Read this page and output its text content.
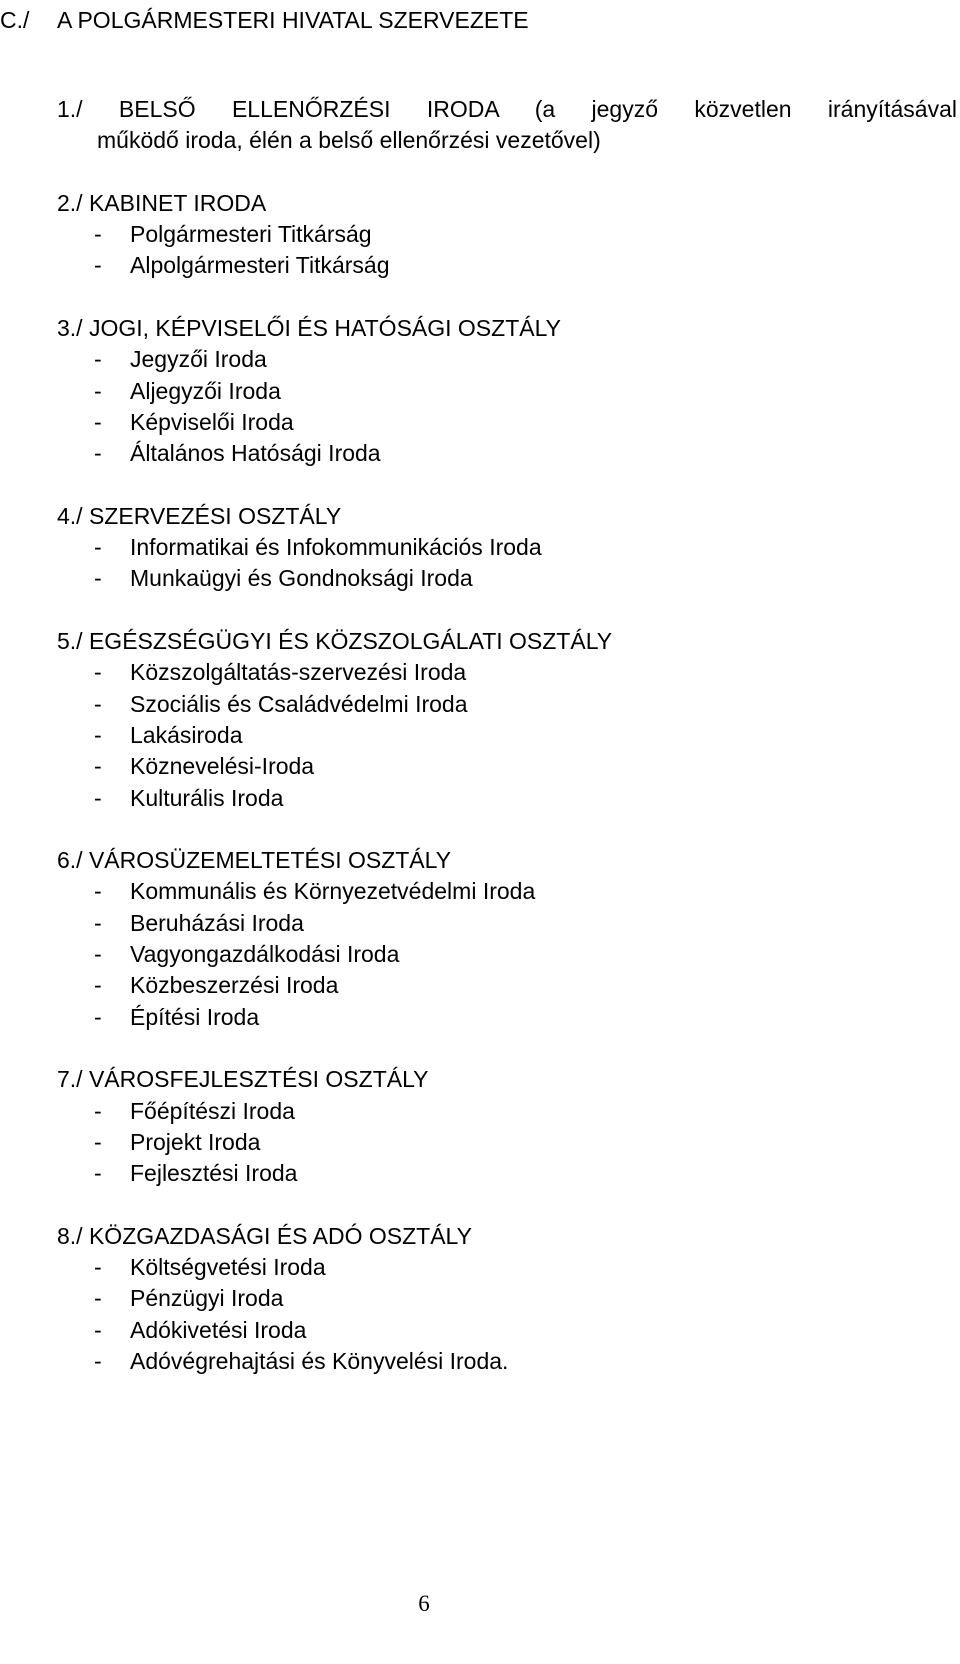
C./ A POLGÁRMESTERI HIVATAL SZERVEZETE
1./ BELSŐ ELLENŐRZÉSI IRODA (a jegyző közvetlen irányításával
működő iroda, élén a belső ellenőrzési vezetővel)
2./ KABINET IRODA
- Polgármesteri Titkárság
- Alpolgármesteri Titkárság
3./ JOGI, KÉPVISELŐI ÉS HATÓSÁGI OSZTÁLY
- Jegyzői Iroda
- Aljegyzői Iroda
- Képviselői Iroda
- Általános Hatósági Iroda
4./ SZERVEZÉSI OSZTÁLY
- Informatikai és Infokommunikációs Iroda
- Munkaügyi és Gondnoksági Iroda
5./ EGÉSZSÉGÜGYI ÉS KÖZSZOLGÁLATI OSZTÁLY
- Közszolgáltatás-szervezési Iroda
- Szociális és Családvédelmi Iroda
- Lakásiroda
- Köznevelési-Iroda
- Kulturális Iroda
6./ VÁROSÜZEMELTETÉSI OSZTÁLY
- Kommunális és Környezetvédelmi Iroda
- Beruházási Iroda
- Vagyongazdálkodási Iroda
- Közbeszerzési Iroda
- Építési Iroda
7./ VÁROSFEJLESZTÉSI OSZTÁLY
- Főépítészi Iroda
- Projekt Iroda
- Fejlesztési Iroda
8./ KÖZGAZDASÁGI ÉS ADÓ OSZTÁLY
- Költségvetési Iroda
- Pénzügyi Iroda
- Adókivetési Iroda
- Adóvégrehajtási és Könyvelési Iroda.
6
